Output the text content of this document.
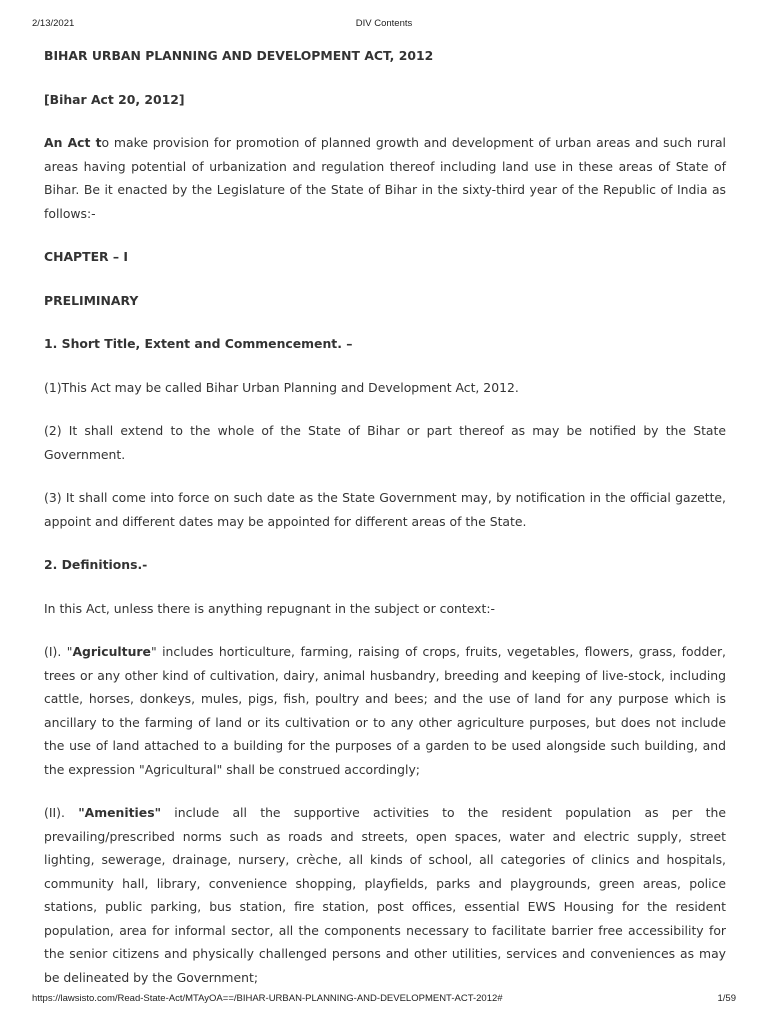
2/13/2021	DIV Contents

BIHAR URBAN PLANNING AND DEVELOPMENT ACT, 2012

[Bihar Act 20, 2012]

An Act to make provision for promotion of planned growth and development of urban areas and such rural areas having potential of urbanization and regulation thereof including land use in these areas of State of Bihar. Be it enacted by the Legislature of the State of Bihar in the sixty-third year of the Republic of India as follows:-

CHAPTER – I

PRELIMINARY

1. Short Title, Extent and Commencement. –

(1)This Act may be called Bihar Urban Planning and Development Act, 2012.

(2) It shall extend to the whole of the State of Bihar or part thereof as may be notified by the State Government.

(3) It shall come into force on such date as the State Government may, by notification in the official gazette, appoint and different dates may be appointed for different areas of the State.

2. Definitions.-

In this Act, unless there is anything repugnant in the subject or context:-

(I). "Agriculture" includes horticulture, farming, raising of crops, fruits, vegetables, flowers, grass, fodder, trees or any other kind of cultivation, dairy, animal husbandry, breeding and keeping of live-stock, including cattle, horses, donkeys, mules, pigs, fish, poultry and bees; and the use of land for any purpose which is ancillary to the farming of land or its cultivation or to any other agriculture purposes, but does not include the use of land attached to a building for the purposes of a garden to be used alongside such building, and the expression "Agricultural" shall be construed accordingly;

(II). "Amenities" include all the supportive activities to the resident population as per the prevailing/prescribed norms such as roads and streets, open spaces, water and electric supply, street lighting, sewerage, drainage, nursery, crèche, all kinds of school, all categories of clinics and hospitals, community hall, library, convenience shopping, playfields, parks and playgrounds, green areas, police stations, public parking, bus station, fire station, post offices, essential EWS Housing for the resident population, area for informal sector, all the components necessary to facilitate barrier free accessibility for the senior citizens and physically challenged persons and other utilities, services and conveniences as may be delineated by the Government;

https://lawsisto.com/Read-State-Act/MTAyOA==/BIHAR-URBAN-PLANNING-AND-DEVELOPMENT-ACT-2012#	1/59
